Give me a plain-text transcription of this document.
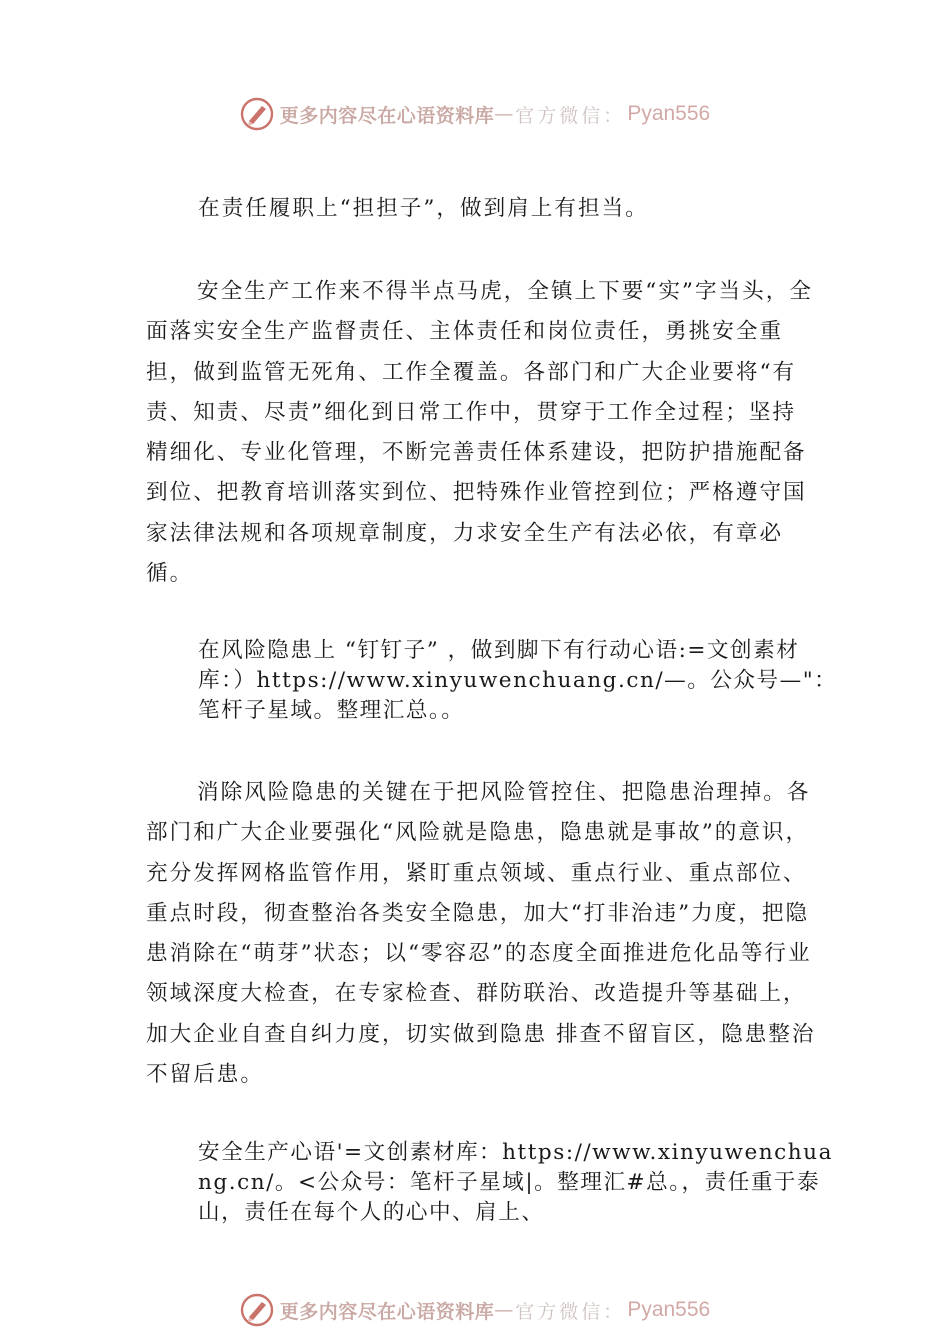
更多内容尽在心语资料库 — 官方微信： Pyan556

在责任履职上“担担子”，做到肩上有担当。

安全生产工作来不得半点马虎，全镇上下要“实”字当头，全面落实安全生产监督责任、主体责任和岗位责任，勇挑安全重担，做到监管无死角、工作全覆盖。各部门和广大企业要将“有责、知责、尽责”细化到日常工作中，贯穿于工作全过程；坚持精细化、专业化管理，不断完善责任体系建设，把防护措施配备到位、把教育培训落实到位、把特殊作业管控到位；严格遵守国家法律法规和各项规章制度，力求安全生产有法必依，有章必循。

在风险隐患上 “钉钉子” ，做到脚下有行动心语:=文创素材库：）https://www.xinyuwenchuang.cn/—。公众号—"：笔杆子星域。整理汇总。。

消除风险隐患的关键在于把风险管控住、把隐患治理掉。各部门和广大企业要强化“风险就是隐患，隐患就是事故”的意识，充分发挥网格监管作用，紧盯重点领域、重点行业、重点部位、重点时段，彻查整治各类安全隐患，加大“打非治违”力度，把隐患消除在“萌芽”状态；以“零容忍”的态度全面推进危化品等行业领域深度大检查，在专家检查、群防联治、改造提升等基础上，加大企业自查自纠力度，切实做到隐患 排查不留盲区，隐患整治不留后患。

安全生产心语'=文创素材库：https://www.xinyuwenchuang.cn/。<公众号：笔杆子星域|。整理汇#总。，责任重于泰山，责任在每个人的心中、肩上、

更多内容尽在心语资料库 — 官方微信： Pyan556
